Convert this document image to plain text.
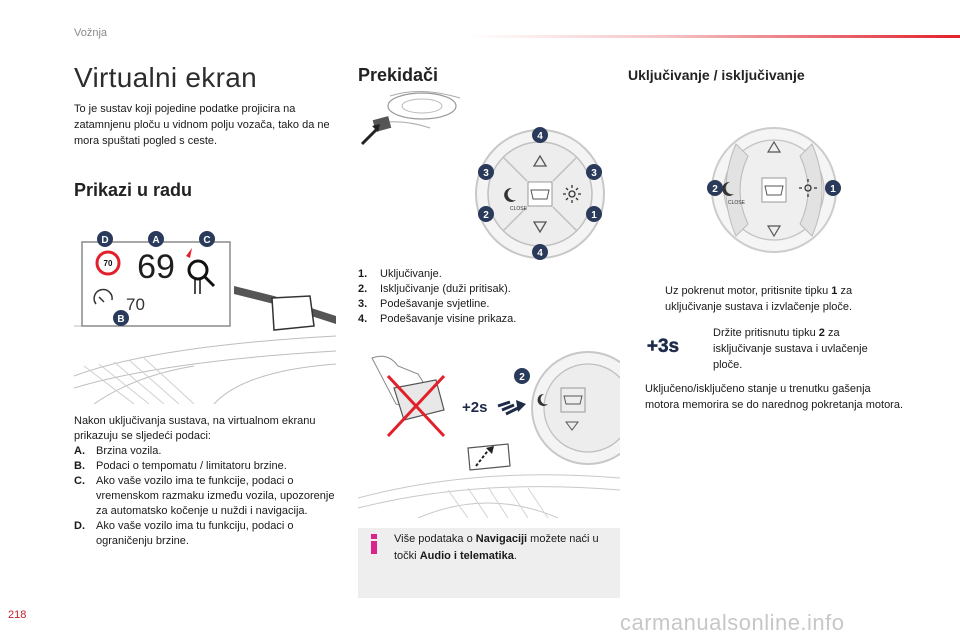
Vožnja
Virtualni ekran
To je sustav koji pojedine podatke projicira na zatamnjenu ploču u vidnom polju vozača, tako da ne mora spuštati pogled s ceste.
Prikazi u radu
70 69
70
D	A	C
B
Nakon uključivanja sustava, na virtualnom ekranu prikazuju se sljedeći podaci:
A.	Brzina vozila.
B.	Podaci o tempomatu / limitatoru brzine.
C.	Ako vaše vozilo ima te funkcije, podaci o vremenskom razmaku između vozila, upozorenje za automatsko kočenje u nuždi i navigacija.
D.	Ako vaše vozilo ima tu funkciju, podaci o ograničenju brzine.
Prekidači
CLOSE
4
3	3
2	1
4
1.	Uključivanje.
2.	Isključivanje (duži pritisak).
3.	Podešavanje svjetline.
4.	Podešavanje visine prikaza.
+2s
2
Više podataka o Navigaciji možete naći u točki Audio i telematika.
Uključivanje / isključivanje
CLOSE
2	1
Uz pokrenut motor, pritisnite tipku 1 za uključivanje sustava i izvlačenje ploče.
+3s
Držite pritisnutu tipku 2 za isključivanje sustava i uvlačenje ploče.
Uključeno/isključeno stanje u trenutku gašenja motora memorira se do narednog pokretanja motora.
218	carmanualsonline.info
